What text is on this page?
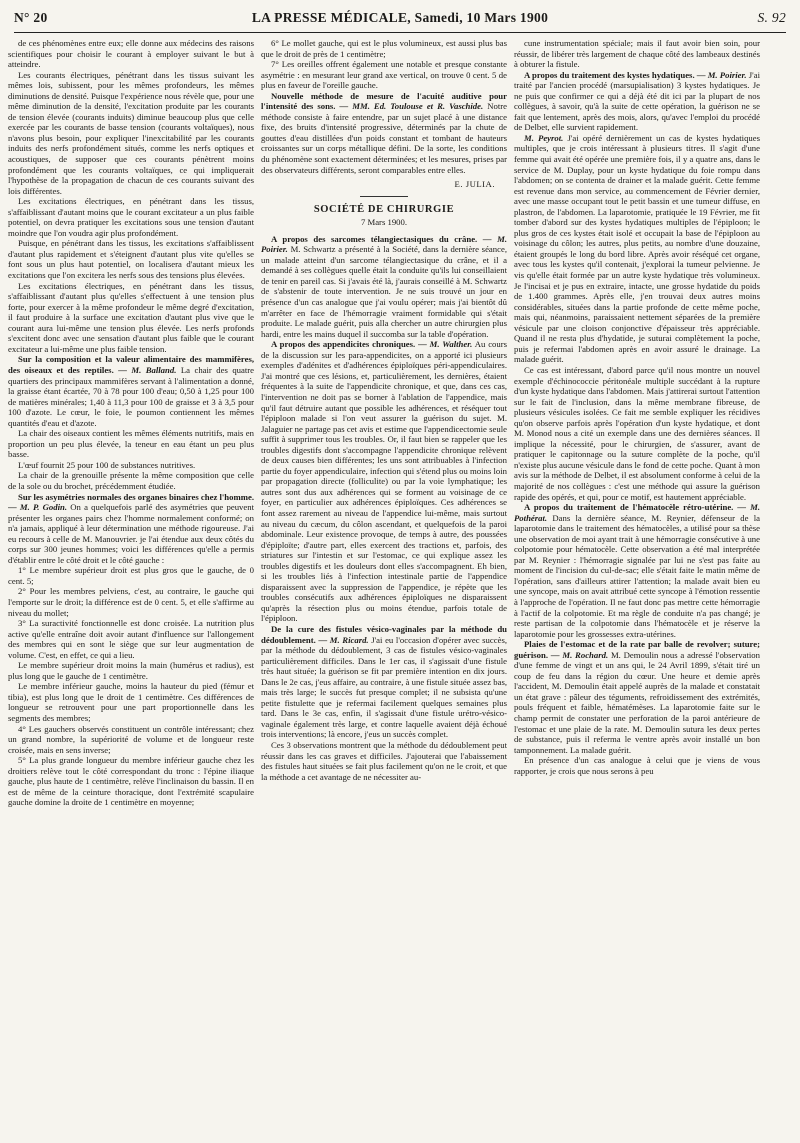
N° 20	LA PRESSE MÉDICALE, Samedi, 10 Mars 1900	S. 92

de ces phénomènes entre eux; elle donne aux médecins des raisons scientifiques pour choisir le courant à employer suivant le but à atteindre.

Les courants électriques, pénétrant dans les tissus suivant les mêmes lois, subissent, pour les mêmes profondeurs, les mêmes diminutions de densité. Puisque l'expérience nous révèle que, pour une même diminution de la densité, l'excitation produite par les courants de tension élevée (courants induits) diminue beaucoup plus que celle exercée par les courants de basse tension (courants voltaïques), nous n'avons plus besoin, pour expliquer l'inexcitabilité par les courants induits des nerfs profondément situés, comme les nerfs optiques et acoustiques, de supposer que ces courants pénètrent moins profondément que les courants voltaïques, ce qui impliquerait l'hypothèse de la propagation de chacun de ces courants suivant des lois différentes.

Les excitations électriques, en pénétrant dans les tissus, s'affaiblissant d'autant moins que le courant excitateur a un plus faible potentiel, on devra pratiquer les excitations sous une tension d'autant moindre que l'on voudra agir plus profondément.

Puisque, en pénétrant dans les tissus, les excitations s'affaiblissent d'autant plus rapidement et s'éteignent d'autant plus vite qu'elles se font sous un plus haut potentiel, on localisera d'autant mieux les excitations que l'on excitera les nerfs sous des tensions plus élevées.

Les excitations électriques, en pénétrant dans les tissus, s'affaiblissant d'autant plus qu'elles s'effectuent à une tension plus forte, pour exercer à la même profondeur le même degré d'excitation, il faut produire à la surface une excitation d'autant plus vive que le courant aura lui-même une tension plus élevée. Les nerfs profonds s'excitent donc avec une sensation d'autant plus faible que le courant excitateur a lui-même une plus faible tension.

Sur la composition et la valeur alimentaire des mammifères, des oiseaux et des reptiles. — M. Balland. La chair des quatre quartiers des principaux mammifères servant à l'alimentation a donné, la graisse étant écartée, 70 à 78 pour 100 d'eau; 0,50 à 1,25 pour 100 de matières minérales; 1,40 à 11,3 pour 100 de graisse et 3 à 3,5 pour 100 d'azote. Le cœur, le foie, le poumon contiennent les mêmes quantités d'eau et d'azote.

La chair des oiseaux contient les mêmes éléments nutritifs, mais en proportion un peu plus élevée, la teneur en eau étant un peu plus basse.

L'œuf fournit 25 pour 100 de substances nutritives.

La chair de la grenouille présente la même composition que celle de la sole ou du brochet, précédemment étudiée.

Sur les asymétries normales des organes binaires chez l'homme. — M. P. Godin. On a quelquefois parlé des asymétries que peuvent présenter les organes pairs chez l'homme normalement conformé; on n'a jamais, appliqué à leur détermination une méthode rigoureuse. J'ai eu recours à celle de M. Manouvrier. je l'ai étendue aux deux côtés du corps sur 300 jeunes hommes; voici les différences qu'elle a permis d'établir entre le côté droit et le côté gauche :

1° Le membre supérieur droit est plus gros que le gauche, de 0 cent. 5;

2° Pour les membres pelviens, c'est, au contraire, le gauche qui l'emporte sur le droit; la différence est de 0 cent. 5, et elle s'affirme au niveau du mollet;

3° La suractivité fonctionnelle est donc croisée. La nutrition plus active qu'elle entraîne doit avoir autant d'influence sur l'allongement des membres qui en sont le siège que sur leur augmentation de volume. C'est, en effet, ce qui a lieu.

Le membre supérieur droit moins la main (humérus et radius), est plus long que le gauche de 1 centimètre.

Le membre inférieur gauche, moins la hauteur du pied (fémur et tibia), est plus long que le droit de 1 centimètre. Ces différences de longueur se retrouvent pour une part proportionnelle dans les segments des membres;

4° Les gauchers observés constituent un contrôle intéressant; chez un grand nombre, la supériorité de volume et de longueur reste croisée, mais en sens inverse;

5° La plus grande longueur du membre inférieur gauche chez les droitiers relève tout le côté correspondant du tronc : l'épine iliaque gauche, plus haute de 1 centimètre, relève l'inclinaison du bassin. Il en est de même de la ceinture thoracique, dont l'extrémité scapulaire gauche domine la droite de 1 centimètre en moyenne;

6° Le mollet gauche, qui est le plus volumineux, est aussi plus bas que le droit de près de 1 centimètre;

7° Les oreilles offrent également une notable et presque constante asymétrie : en mesurant leur grand axe vertical, on trouve 0 cent. 5 de plus en faveur de l'oreille gauche.

Nouvelle méthode de mesure de l'acuité auditive pour l'intensité des sons. — MM. Ed. Toulouse et R. Vaschide. Notre méthode consiste à faire entendre, par un sujet placé à une distance fixe, des bruits d'intensité progressive, déterminés par la chute de gouttes d'eau distillées d'un poids constant et tombant de hauteurs croissantes sur un corps métallique défini. De la sorte, les conditions du phénomène sont exactement déterminées; et les mesures, prises par des observateurs différents, seront comparables entre elles.

E. JULIA.
SOCIÉTÉ DE CHIRURGIE
7 Mars 1900.

A propos des sarcomes télangiectasiques du crâne. — M. Poirier. M. Schwartz a présenté à la Société, dans la dernière séance, un malade atteint d'un sarcome télangiectasique du crâne, et il a demandé à ses collègues quelle était la conduite qu'ils lui conseillaient de tenir en pareil cas. Si j'avais été là, j'aurais conseillé à M. Schwartz de s'abstenir de toute intervention. Je ne suis trouvé un jour en présence d'un cas analogue que j'ai voulu opérer; mais j'ai bientôt dû m'arrêter en face de l'hémorragie vraiment formidable qui s'était produite. Le malade guérit, puis alla chercher un autre chirurgien plus hardi, entre les mains duquel il succomba sur la table d'opération.

A propos des appendicites chroniques. — M. Walther. Au cours de la discussion sur les para-appendicites, on a apporté ici plusieurs exemples d'adénites et d'adhérences épiploïques péri-appendiculaires. J'ai montré que ces lésions, et, particulièrement, les dernières, étaient fréquentes à la suite de l'appendicite chronique, et que, dans ces cas, l'intervention ne doit pas se borner à l'ablation de l'appendice, mais qu'il faut détruire autant que possible les adhérences, et réséquer tout l'épiploon malade si l'on veut assurer la guérison du sujet. M. Jalaguier ne partage pas cet avis et estime que l'appendicectomie seule suffit à supprimer tous les troubles. Or, il faut bien se rappeler que les troubles digestifs dont s'accompagne l'appendicite chronique relèvent de deux causes bien différentes; les uns sont attribuables à l'infection partie du foyer appendiculaire, infection qui s'étend plus ou moins loin par propagation directe (folliculite) ou par la voie lymphatique; les autres sont dus aux adhérences qui se forment au voisinage de ce foyer, en particulier aux adhérences épiploïques. Ces adhérences se font assez rarement au niveau de l'appendice lui-même, mais surtout au niveau du cæcum, du côlon ascendant, et quelquefois de la paroi abdominale. Leur existence provoque, de temps à autre, des poussées d'épiploïte; d'autre part, elles exercent des tractions et, parfois, des striatures sur l'intestin et sur l'estomac, ce qui explique assez les troubles digestifs et les douleurs dont elles s'accompagnent. Eh bien, si les troubles liés à l'infection intestinale partie de l'appendice disparaissent avec la suppression de l'appendice, je répète que les troubles consécutifs aux adhérences épiploïques ne disparaissent qu'après la résection plus ou moins étendue, parfois totale de l'épiploon.

De la cure des fistules vésico-vaginales par la méthode du dédoublement. — M. Ricard. J'ai eu l'occasion d'opérer avec succès, par la méthode du dédoublement, 3 cas de fistules vésico-vaginales particulièrement difficiles. Dans le 1er cas, il s'agissait d'une fistule très haut située; la guérison se fit par première intention en dix jours. Dans le 2e cas, j'eus affaire, au contraire, à une fistule située assez bas, mais très large; le succès fut presque complet; il ne subsista qu'une petite fistulette que je refermai facilement quelques semaines plus tard. Dans le 3e cas, enfin, il s'agissait d'une fistule urétro-vésico-vaginale également très large, et contre laquelle avaient déjà échoué trois interventions; là encore, j'eus un succès complet.

Ces 3 observations montrent que la méthode du dédoublement peut réussir dans les cas graves et difficiles. J'ajouterai que l'abaissement des fistules haut situées se fait plus facilement qu'on ne le croit, et que la méthode a cet avantage de ne nécessiter au-

cune instrumentation spéciale; mais il faut avoir bien soin, pour réussir, de libérer très largement de chaque côté des lambeaux destinés à obturer la fistule.

A propos du traitement des kystes hydatiques. — M. Poirier. J'ai traité par l'ancien procédé (marsupialisation) 3 kystes hydatiques. Je ne puis que confirmer ce qui a déjà été dit ici par la plupart de nos collègues, à savoir, qu'à la suite de cette opération, la guérison ne se fait que lentement, après des mois, alors, qu'avec l'emploi du procédé de Delbet, elle survient rapidement.

M. Peyrot. J'ai opéré dernièrement un cas de kystes hydatiques multiples, que je crois intéressant à plusieurs titres. Il s'agit d'une femme qui avait été opérée une première fois, il y a quatre ans, dans le service de M. Duplay, pour un kyste hydatique du foie rompu dans l'abdomen; on se contenta de drainer et la malade guérit. Cette femme est revenue dans mon service, au commencement de Février dernier, avec une masse occupant tout le petit bassin et une tumeur diffuse, en plastron, de l'abdomen. La laparotomie, pratiquée le 19 Février, me fit tomber d'abord sur des kystes hydatiques multiples de l'épiploon; le plus gros de ces kystes était isolé et occupait la base de l'épiploon au voisinage du côlon; les autres, plus petits, au nombre d'une douzaine, étaient groupés le long du bord libre. Après avoir réséqué cet organe, avec tous les kystes qu'il contenait, j'explorai la tumeur pelvienne. Je vis qu'elle était formée par un autre kyste hydatique très volumineux. Je l'incisai et je pus en extraire, intacte, une grosse hydatide du poids de 1.400 grammes. Après elle, j'en trouvai deux autres moins considérables, situées dans la partie profonde de cette même poche, mais qui, néanmoins, paraissaient nettement séparées de la première vésicule par une cloison conjonctive d'épaisseur très appréciable. Quand il ne resta plus d'hydatide, je suturai complètement la poche, puis je refermai l'abdomen après en avoir assuré le drainage. La malade guérit.

Ce cas est intéressant, d'abord parce qu'il nous montre un nouvel exemple d'échinococcie péritonéale multiple succédant à la rupture d'un kyste hydatique dans l'abdomen. Mais j'attirerai surtout l'attention sur le fait de l'inclusion, dans la même membrane fibreuse, de plusieurs vésicules isolées. Ce fait me semble expliquer les récidives qu'on observe parfois après l'opération d'un kyste hydatique, et dont M. Monod nous a cité un exemple dans une des dernières séances. Il implique la nécessité, pour le chirurgien, de s'assurer, avant de pratiquer le capitonnage ou la suture complète de la poche, qu'il n'existe plus aucune vésicule dans le fond de cette poche. Quant à mon avis sur la méthode de Delbet, il est absolument conforme à celui de la majorité de nos collègues : c'est une méthode qui assure la guérison rapide des opérés, et qui, pour ce motif, est hautement appréciable.

A propos du traitement de l'hématocèle rétro-utérine. — M. Pothérat. Dans la dernière séance, M. Reynier, défenseur de la laparotomie dans le traitement des hématocèles, a utilisé pour sa thèse une observation de moi ayant trait à une hémorragie consécutive à une colpotomie pour hématocèle. Cette observation a été mal interprétée par M. Reynier : l'hémorragie signalée par lui ne s'est pas faite au moment de l'incision du cul-de-sac; elle s'était faite le matin même de l'opération, sans d'ailleurs attirer l'attention; la malade avait bien eu une syncope, mais on avait attribué cette syncope à l'émotion ressentie à l'approche de l'opération. Il ne faut donc pas mettre cette hémorragie à l'actif de la colpotomie. Et ma règle de conduite n'a pas changé; je reste partisan de la colpotomie dans l'hématocèle et je réserve la laparotomie pour les grossesses extra-utérines.

Plaies de l'estomac et de la rate par balle de revolver; suture; guérison. — M. Rochard. M. Demoulin nous a adressé l'observation d'une femme de vingt et un ans qui, le 24 Avril 1899, s'était tiré un coup de feu dans la région du cœur. Une heure et demie après l'accident, M. Demoulin était appelé auprès de la malade et constatait un état grave : pâleur des téguments, refroidissement des extrémités, pouls fréquent et faible, hématémèses. La laparotomie faite sur le champ permit de constater une perforation de la paroi antérieure de l'estomac et une plaie de la rate. M. Demoulin sutura les deux pertes de substance, puis il referma le ventre après avoir installé un bon tamponnement. La malade guérit.

En présence d'un cas analogue à celui que je viens de vous rapporter, je crois que nous serons à peu
